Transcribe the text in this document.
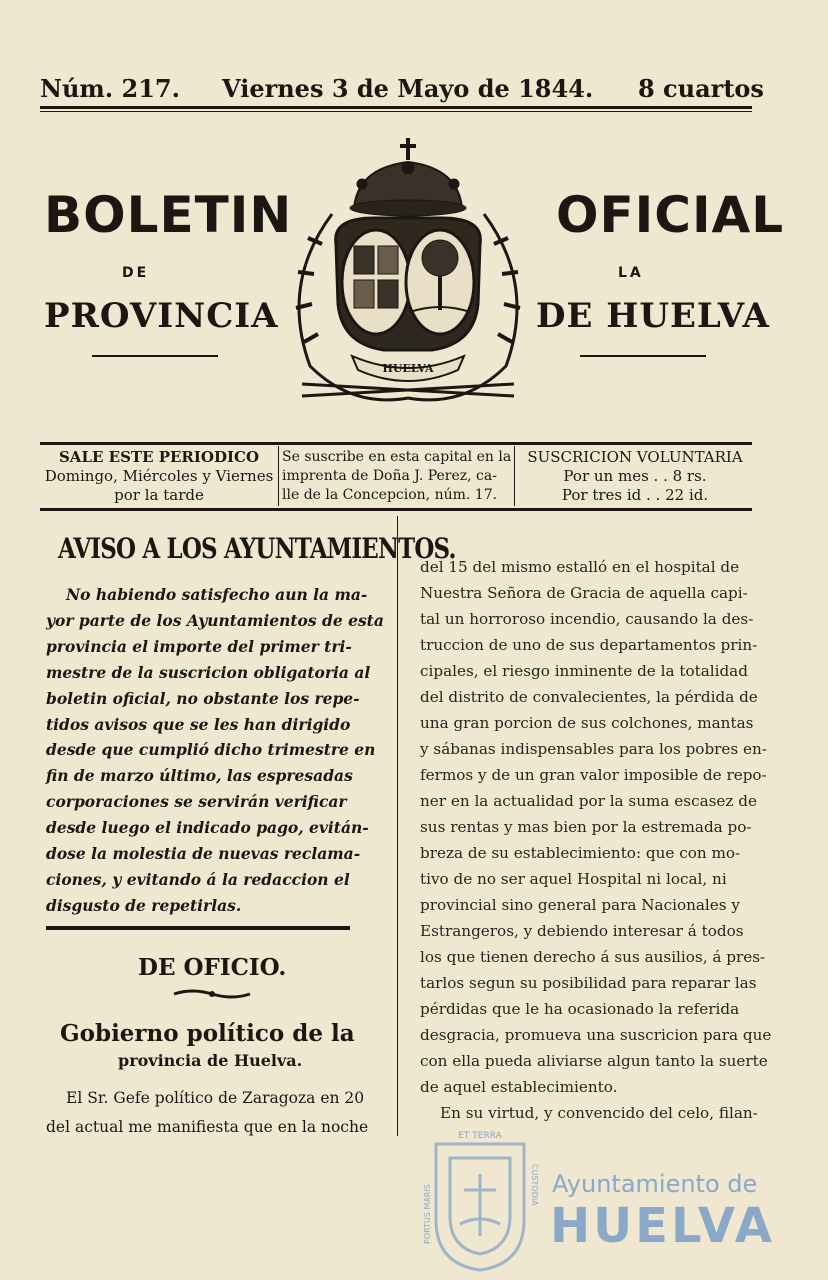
Núm. 217. Viernes 3 de Mayo de 1844. 8 cuartos
BOLETIN	OFICIAL
DE	LA
PROVINCIA	DE HUELVA
HUELVA
SALE ESTE PERIODICO
Domingo, Miércoles y Viernes
por la tarde
Se suscribe en esta capital en la
imprenta de Doña J. Perez, ca-
lle de la Concepcion, núm. 17.
SUSCRICION VOLUNTARIA
Por un mes . . 8 rs.
Por tres id . . 22 id.
AVISO A LOS AYUNTAMIENTOS.
No habiendo satisfecho aun la ma-
yor parte de los Ayuntamientos de esta
provincia el importe del primer tri-
mestre de la suscricion obligatoria al
boletin oficial, no obstante los repe-
tidos avisos que se les han dirigido
desde que cumplió dicho trimestre en
fin de marzo último, las espresadas
corporaciones se servirán verificar
desde luego el indicado pago, evitán-
dose la molestia de nuevas reclama-
ciones, y evitando á la redaccion el
disgusto de repetirlas.
DE OFICIO.
Gobierno político de la
provincia de Huelva.
El Sr. Gefe político de Zaragoza en 20
del actual me manifiesta que en la noche
del 15 del mismo estalló en el hospital de
Nuestra Señora de Gracia de aquella capi-
tal un horroroso incendio, causando la des-
truccion de uno de sus departamentos prin-
cipales, el riesgo inminente de la totalidad
del distrito de convalecientes, la pérdida de
una gran porcion de sus colchones, mantas
y sábanas indispensables para los pobres en-
fermos y de un gran valor imposible de repo-
ner en la actualidad por la suma escasez de
sus rentas y mas bien por la estremada po-
breza de su establecimiento: que con mo-
tivo de no ser aquel Hospital ni local, ni
provincial sino general para Nacionales y
Estrangeros, y debiendo interesar á todos
los que tienen derecho á sus ausilios, á pres-
tarlos segun su posibilidad para reparar las
pérdidas que le ha ocasionado la referida
desgracia, promueva una suscricion para que
con ella pueda aliviarse algun tanto la suerte
de aquel establecimiento.
En su virtud, y convencido del celo, filan-
ET TERRA
PORTUS MARIS	CUSTODIA Ayuntamiento de
HUELVA
